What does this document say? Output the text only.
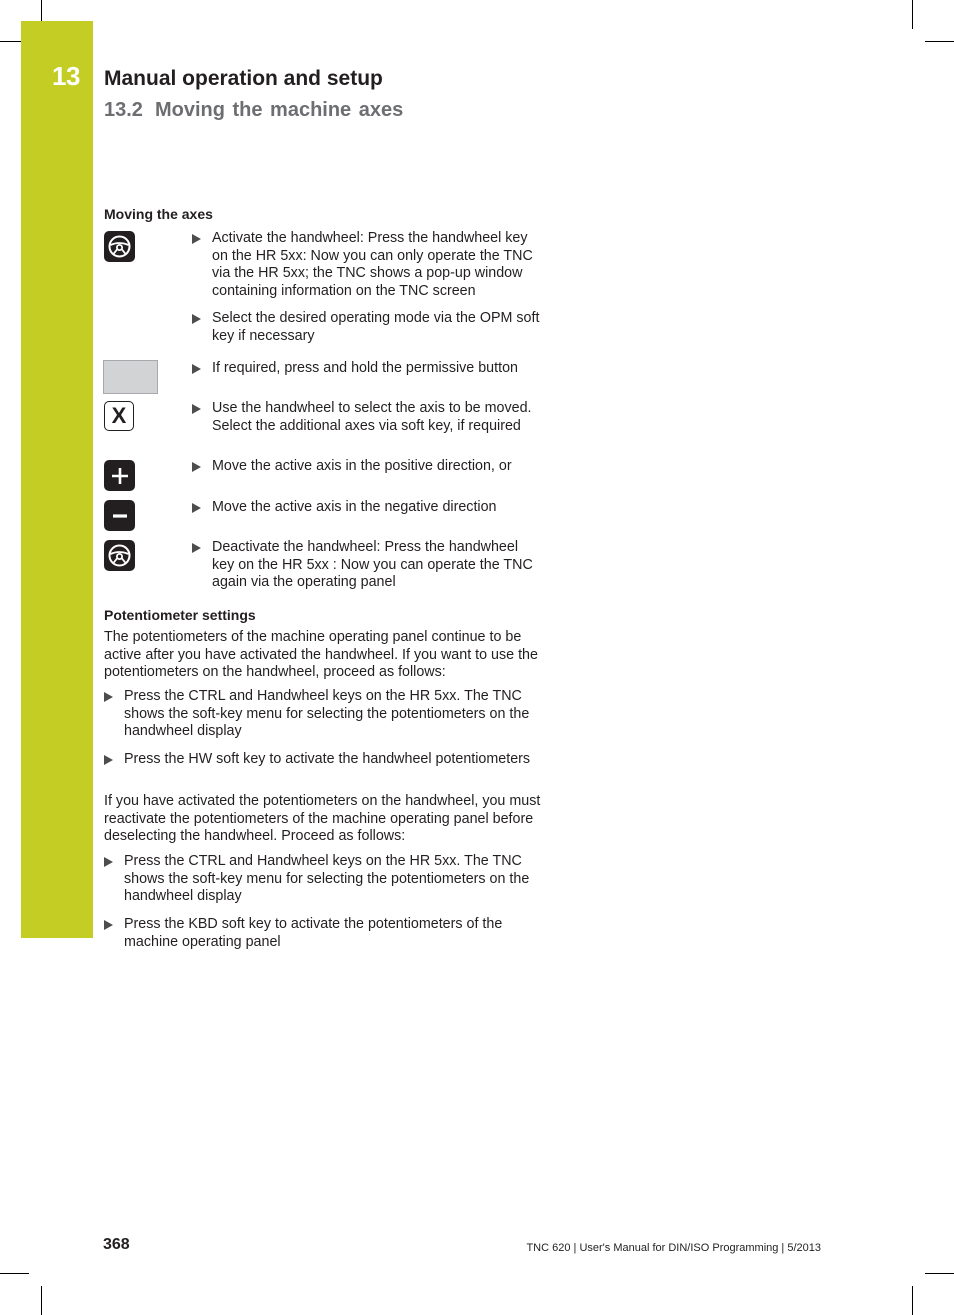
13 Manual operation and setup
13.2 Moving the machine axes
Moving the axes
X
Activate the handwheel: Press the handwheel key on the HR 5xx: Now you can only operate the TNC via the HR 5xx; the TNC shows a pop-up window containing information on the TNC screen
Select the desired operating mode via the OPM soft key if necessary
If required, press and hold the permissive button
Use the handwheel to select the axis to be moved. Select the additional axes via soft key, if required
Move the active axis in the positive direction, or
Move the active axis in the negative direction
Deactivate the handwheel: Press the handwheel key on the HR 5xx : Now you can operate the TNC again via the operating panel
Potentiometer settings
The potentiometers of the machine operating panel continue to be active after you have activated the handwheel. If you want to use the potentiometers on the handwheel, proceed as follows:
Press the CTRL and Handwheel keys on the HR 5xx. The TNC shows the soft-key menu for selecting the potentiometers on the handwheel display
Press the HW soft key to activate the handwheel potentiometers
If you have activated the potentiometers on the handwheel, you must reactivate the potentiometers of the machine operating panel before deselecting the handwheel. Proceed as follows:
Press the CTRL and Handwheel keys on the HR 5xx. The TNC shows the soft-key menu for selecting the potentiometers on the handwheel display
Press the KBD soft key to activate the potentiometers of the machine operating panel
368	TNC 620 | User's Manual for DIN/ISO Programming | 5/2013
